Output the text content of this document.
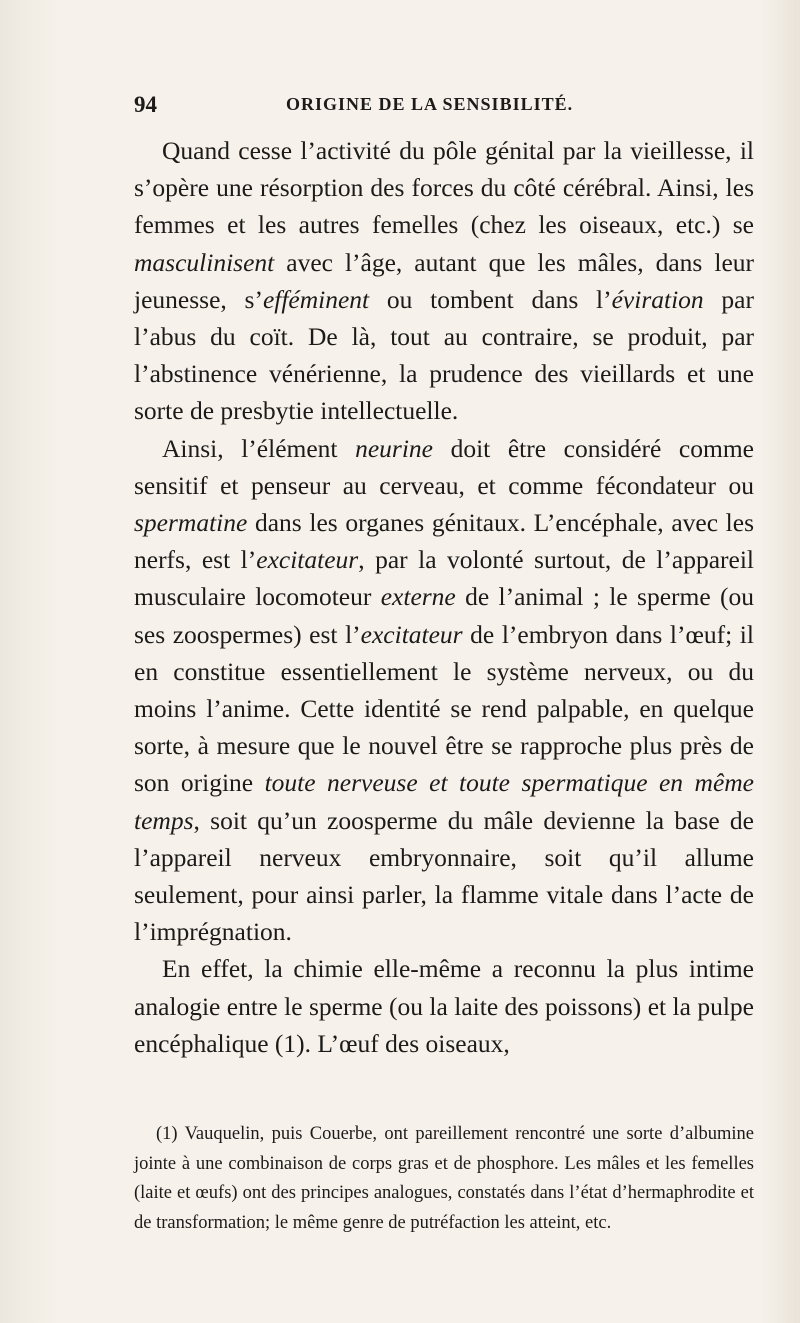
94	ORIGINE DE LA SENSIBILITÉ.

Quand cesse l’activité du pôle génital par la vieillesse, il s’opère une résorption des forces du côté cérébral. Ainsi, les femmes et les autres femelles (chez les oiseaux, etc.) se masculinisent avec l’âge, autant que les mâles, dans leur jeunesse, s’efféminent ou tombent dans l’éviration par l’abus du coït. De là, tout au contraire, se produit, par l’abstinence vénérienne, la prudence des vieillards et une sorte de presbytie intellectuelle.

Ainsi, l’élément neurine doit être considéré comme sensitif et penseur au cerveau, et comme fécondateur ou spermatine dans les organes génitaux. L’encéphale, avec les nerfs, est l’excitateur, par la volonté surtout, de l’appareil musculaire locomoteur externe de l’animal ; le sperme (ou ses zoospermes) est l’excitateur de l’embryon dans l’œuf; il en constitue essentiellement le système nerveux, ou du moins l’anime. Cette identité se rend palpable, en quelque sorte, à mesure que le nouvel être se rapproche plus près de son origine toute nerveuse et toute spermatique en même temps, soit qu’un zoosperme du mâle devienne la base de l’appareil nerveux embryonnaire, soit qu’il allume seulement, pour ainsi parler, la flamme vitale dans l’acte de l’imprégnation.

En effet, la chimie elle-même a reconnu la plus intime analogie entre le sperme (ou la laite des poissons) et la pulpe encéphalique (1). L’œuf des oiseaux,

(1) Vauquelin, puis Couerbe, ont pareillement rencontré une sorte d’albumine jointe à une combinaison de corps gras et de phosphore. Les mâles et les femelles (laite et œufs) ont des principes analogues, constatés dans l’état d’hermaphrodite et de transformation; le même genre de putréfaction les atteint, etc.
